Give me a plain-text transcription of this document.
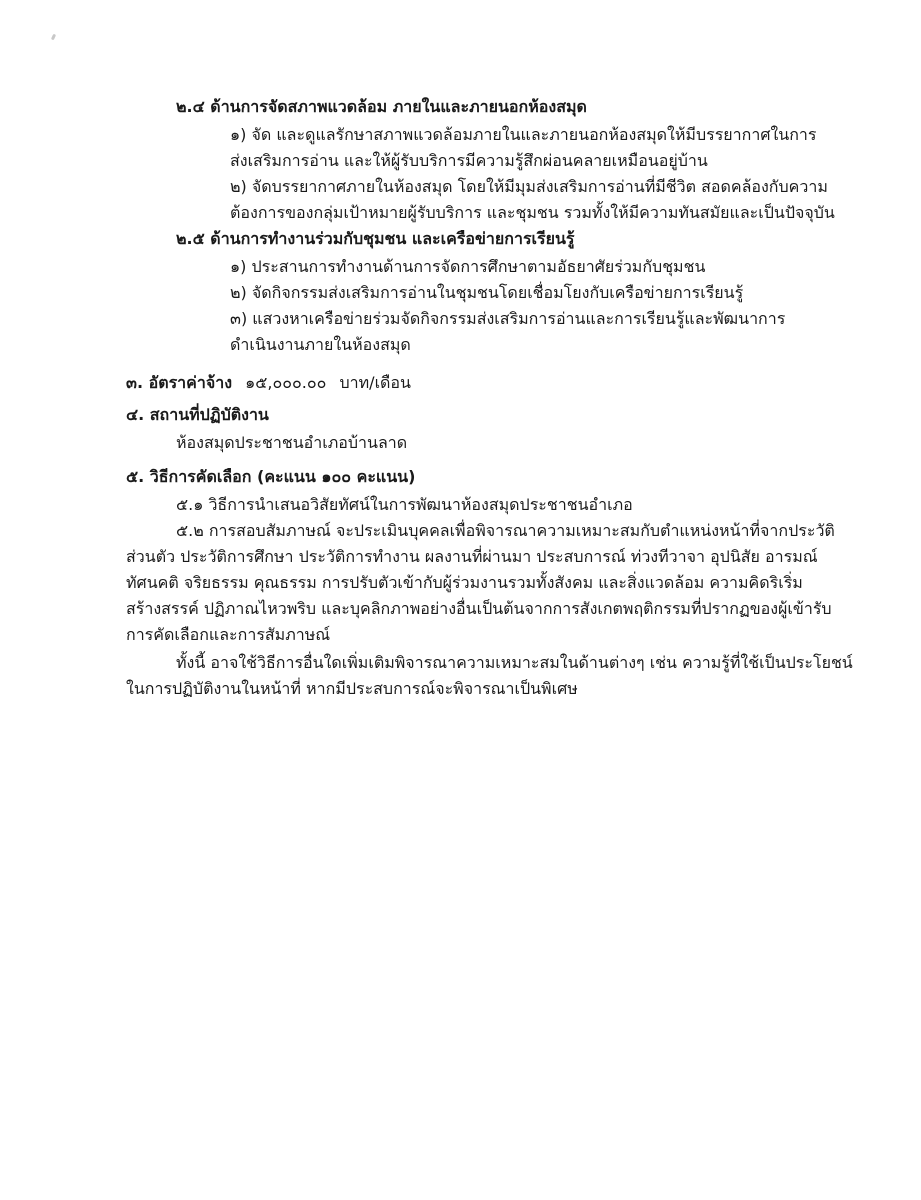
๒.๔ ด้านการจัดสภาพแวดล้อม ภายในและภายนอกห้องสมุด
๑) จัด และดูแลรักษาสภาพแวดล้อมภายในและภายนอกห้องสมุดให้มีบรรยากาศในการ
ส่งเสริมการอ่าน และให้ผู้รับบริการมีความรู้สึกผ่อนคลายเหมือนอยู่บ้าน
๒) จัดบรรยากาศภายในห้องสมุด โดยให้มีมุมส่งเสริมการอ่านที่มีชีวิต สอดคล้องกับความ
ต้องการของกลุ่มเป้าหมายผู้รับบริการ และชุมชน รวมทั้งให้มีความทันสมัยและเป็นปัจจุบัน
๒.๕ ด้านการทำงานร่วมกับชุมชน และเครือข่ายการเรียนรู้
๑) ประสานการทำงานด้านการจัดการศึกษาตามอัธยาศัยร่วมกับชุมชน
๒) จัดกิจกรรมส่งเสริมการอ่านในชุมชนโดยเชื่อมโยงกับเครือข่ายการเรียนรู้
๓) แสวงหาเครือข่ายร่วมจัดกิจกรรมส่งเสริมการอ่านและการเรียนรู้และพัฒนาการ
ดำเนินงานภายในห้องสมุด
๓. อัตราค่าจ้าง ๑๕,๐๐๐.๐๐ บาท/เดือน
๔. สถานที่ปฏิบัติงาน
ห้องสมุดประชาชนอำเภอบ้านลาด
๕. วิธีการคัดเลือก (คะแนน ๑๐๐ คะแนน)
๕.๑ วิธีการนำเสนอวิสัยทัศน์ในการพัฒนาห้องสมุดประชาชนอำเภอ
๕.๒ การสอบสัมภาษณ์ จะประเมินบุคคลเพื่อพิจารณาความเหมาะสมกับตำแหน่งหน้าที่จากประวัติ
ส่วนตัว ประวัติการศึกษา ประวัติการทำงาน ผลงานที่ผ่านมา ประสบการณ์ ท่วงทีวาจา อุปนิสัย อารมณ์
ทัศนคติ จริยธรรม คุณธรรม การปรับตัวเข้ากับผู้ร่วมงานรวมทั้งสังคม และสิ่งแวดล้อม ความคิดริเริ่ม
สร้างสรรค์ ปฏิภาณไหวพริบ และบุคลิกภาพอย่างอื่นเป็นต้นจากการสังเกตพฤติกรรมที่ปรากฏของผู้เข้ารับ
การคัดเลือกและการสัมภาษณ์
ทั้งนี้ อาจใช้วิธีการอื่นใดเพิ่มเติมพิจารณาความเหมาะสมในด้านต่างๆ เช่น ความรู้ที่ใช้เป็นประโยชน์
ในการปฏิบัติงานในหน้าที่ หากมีประสบการณ์จะพิจารณาเป็นพิเศษ
